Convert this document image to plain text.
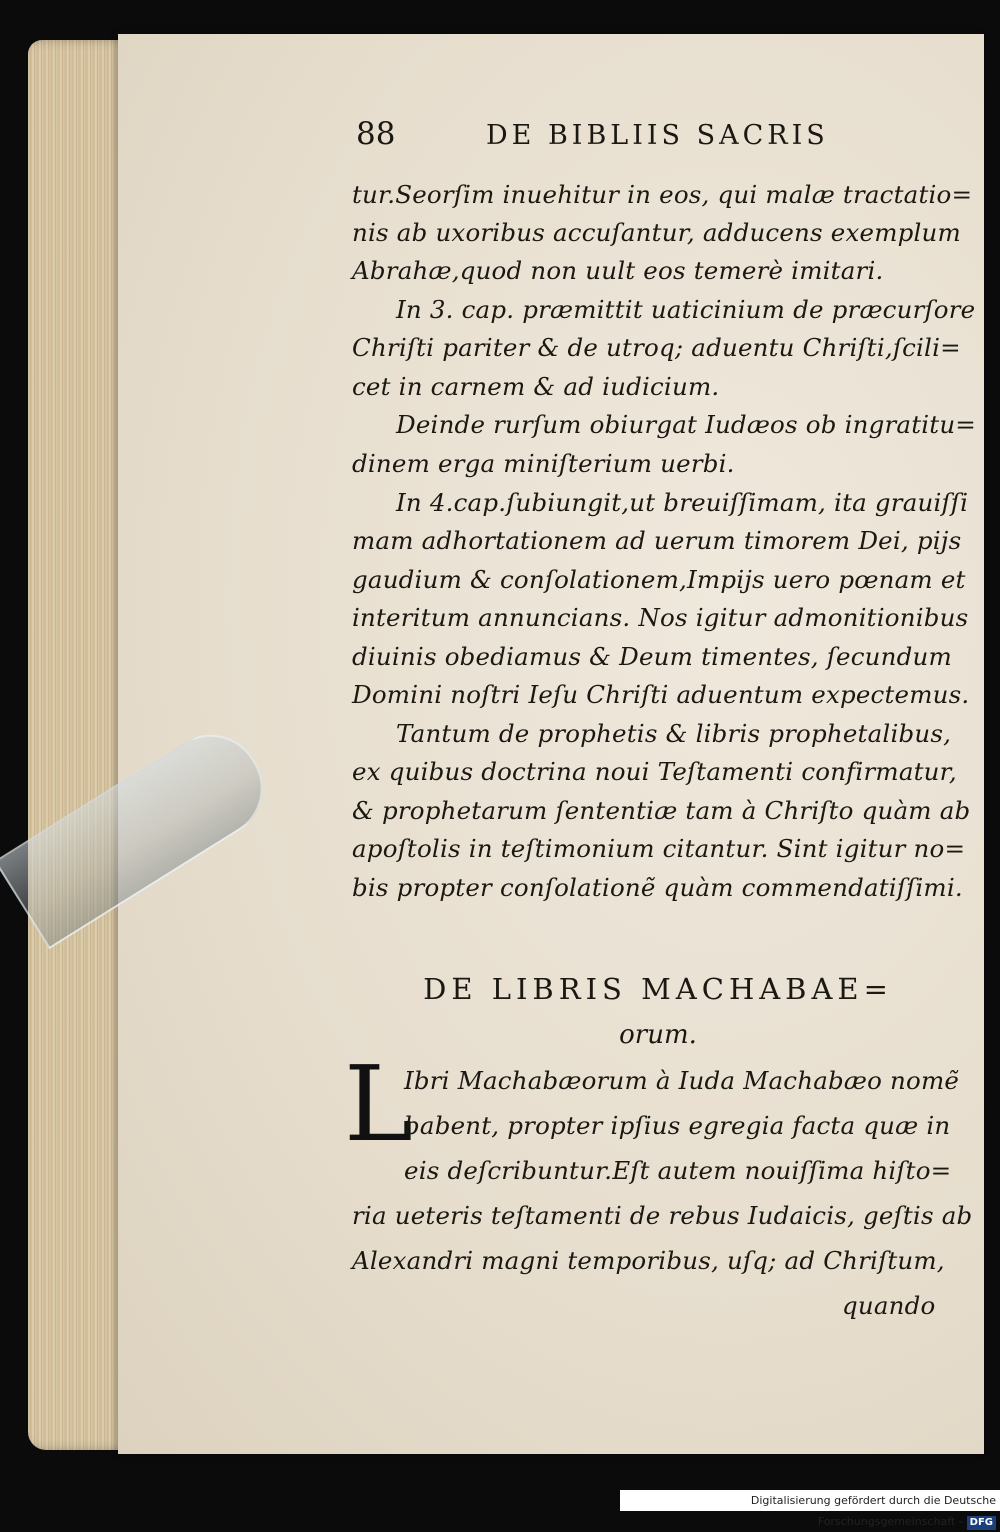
88	DE BIBLIIS SACRIS
tur.Seorſim inuehitur in eos, qui malæ tractatio=
nis ab uxoribus accuſantur, adducens exemplum
Abrahæ,quod non uult eos temerè imitari.
In 3. cap. præmittit uaticinium de præcurſore
Chriſti pariter & de utroq; aduentu Chriſti,ſcili=
cet in carnem & ad iudicium.
Deinde rurſum obiurgat Iudæos ob ingratitu=
dinem erga miniſterium uerbi.
In 4.cap.ſubiungit,ut breuiſſimam, ita grauiſſi
mam adhortationem ad uerum timorem Dei, pijs
gaudium & conſolationem,Impijs uero pœnam et
interitum annuncians. Nos igitur admonitionibus
diuinis obediamus & Deum timentes, ſecundum
Domini noſtri Ieſu Chriſti aduentum expectemus.
Tantum de prophetis & libris prophetalibus,
ex quibus doctrina noui Teſtamenti confirmatur,
& prophetarum ſententiæ tam à Chriſto quàm ab
apoſtolis in teſtimonium citantur. Sint igitur no=
bis propter conſolationẽ quàm commendatiſſimi.
DE LIBRIS MACHABAE=
orum.
L
Ibri Machabæorum à Iuda Machabæo nomẽ
babent, propter ipſius egregia facta quæ in
eis deſcribuntur.Eſt autem nouiſſima hiſto=
ria ueteris teſtamenti de rebus Iudaicis, geſtis ab
Alexandri magni temporibus, uſq; ad Chriſtum,
quando
Digitalisierung gefördert durch die Deutsche Forschungsgemeinschaft - DFG
